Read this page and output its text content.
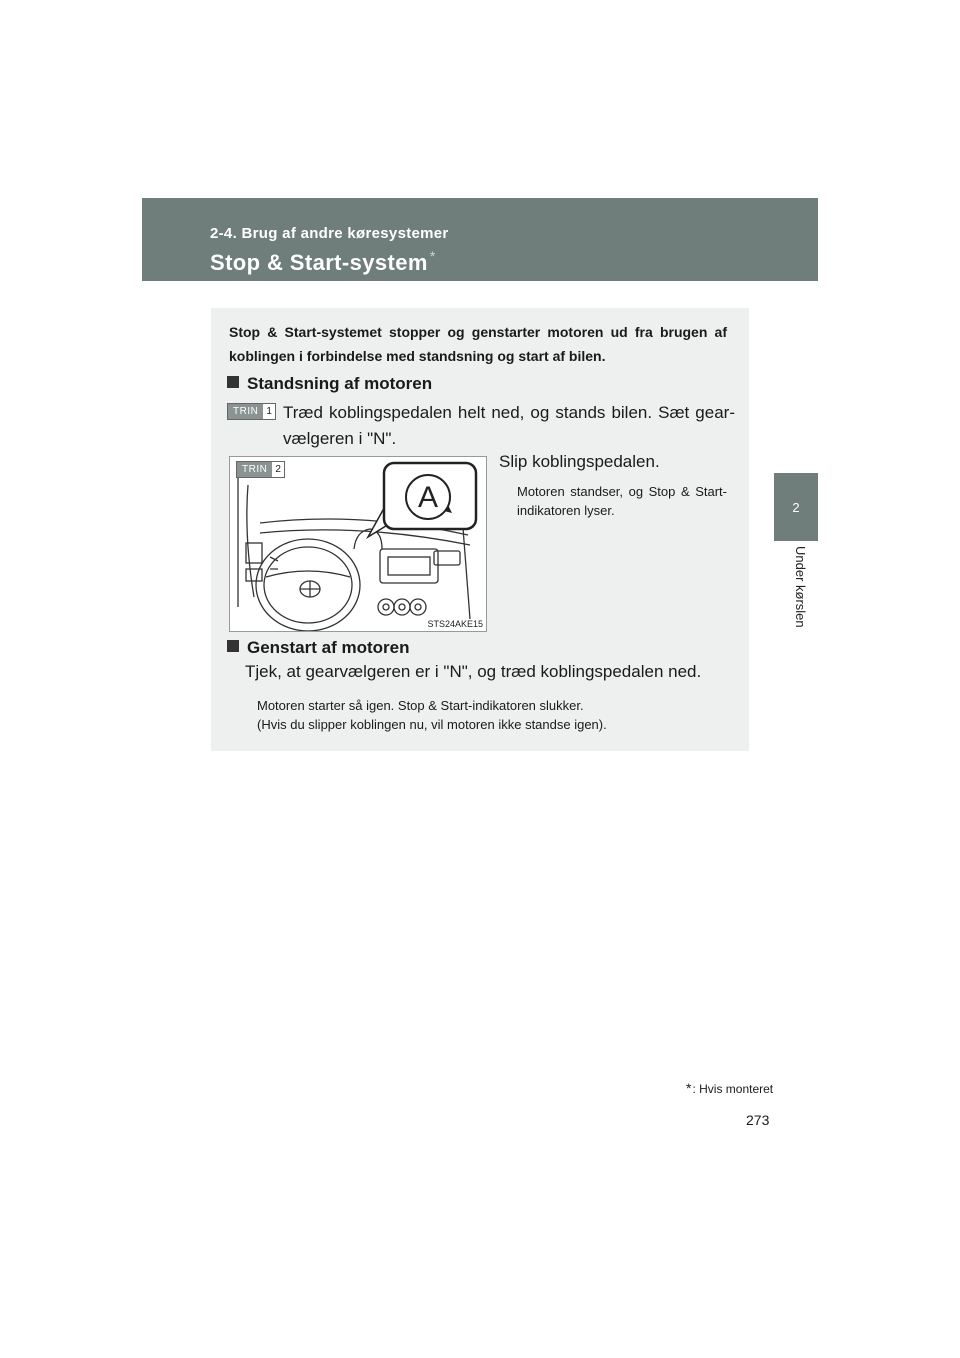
2-4. Brug af andre køresystemer
Stop & Start-system *
2
Under kørslen
Stop & Start-systemet stopper og genstarter motoren ud fra brugen af koblingen i forbindelse med standsning og start af bilen.
Standsning af motoren
TRIN 1 Træd koblingspedalen helt ned, og stands bilen. Sæt gear-vælgeren i "N".
A
TRIN 2
STS24AKE15
Slip koblingspedalen.
Motoren standser, og Stop & Start-indikatoren lyser.
Genstart af motoren
Tjek, at gearvælgeren er i "N", og træd koblingspedalen ned.
Motoren starter så igen. Stop & Start-indikatoren slukker.
(Hvis du slipper koblingen nu, vil motoren ikke standse igen).
*: Hvis monteret
273
